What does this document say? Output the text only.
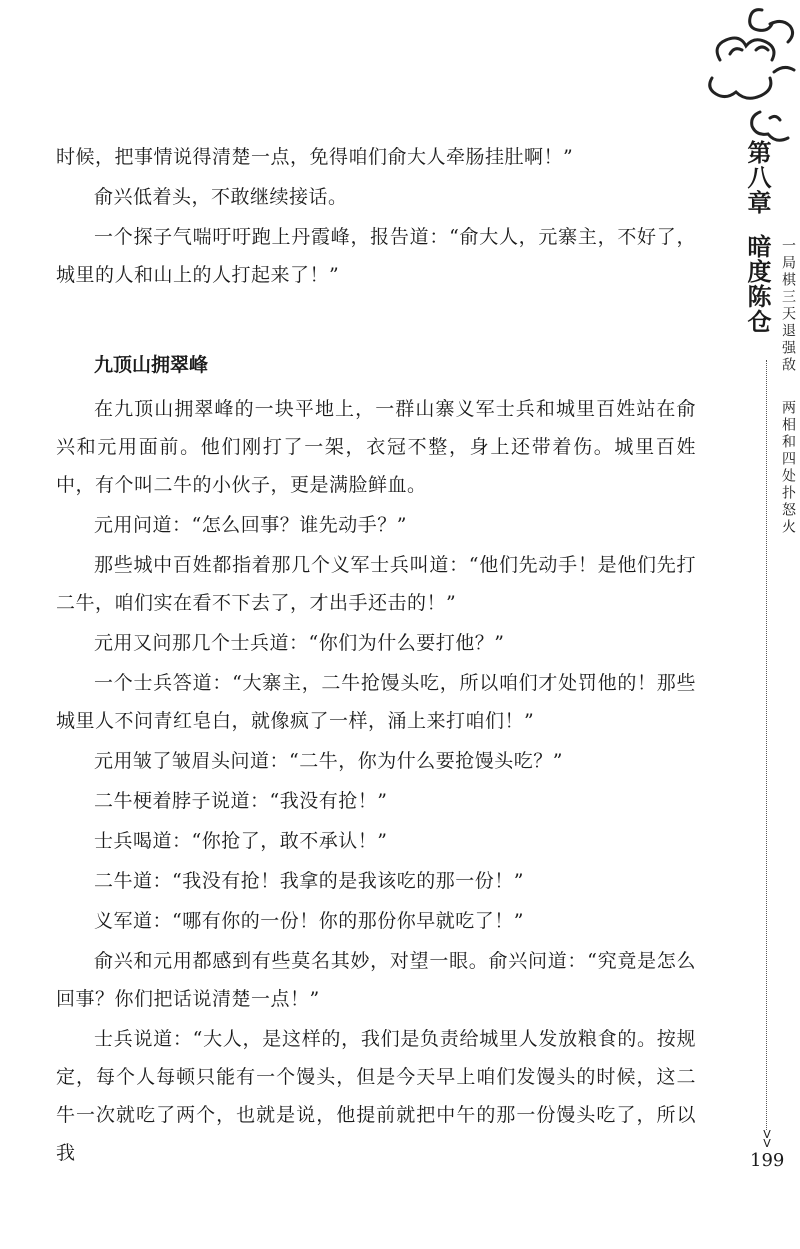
第八章
暗度陈仓 一局棋三天退强敌
两相和四处扑怒火
V V
199

时候，把事情说得清楚一点，免得咱们俞大人牵肠挂肚啊！”

俞兴低着头，不敢继续接话。

一个探子气喘吁吁跑上丹霞峰，报告道：“俞大人，元寨主，不好了，城里的人和山上的人打起来了！”

九顶山拥翠峰

在九顶山拥翠峰的一块平地上，一群山寨义军士兵和城里百姓站在俞兴和元用面前。他们刚打了一架，衣冠不整，身上还带着伤。城里百姓中，有个叫二牛的小伙子，更是满脸鲜血。

元用问道：“怎么回事？谁先动手？”

那些城中百姓都指着那几个义军士兵叫道：“他们先动手！是他们先打二牛，咱们实在看不下去了，才出手还击的！”

元用又问那几个士兵道：“你们为什么要打他？”

一个士兵答道：“大寨主，二牛抢馒头吃，所以咱们才处罚他的！那些城里人不问青红皂白，就像疯了一样，涌上来打咱们！”

元用皱了皱眉头问道：“二牛，你为什么要抢馒头吃？”

二牛梗着脖子说道：“我没有抢！”

士兵喝道：“你抢了，敢不承认！”

二牛道：“我没有抢！我拿的是我该吃的那一份！”

义军道：“哪有你的一份！你的那份你早就吃了！”

俞兴和元用都感到有些莫名其妙，对望一眼。俞兴问道：“究竟是怎么回事？你们把话说清楚一点！”

士兵说道：“大人，是这样的，我们是负责给城里人发放粮食的。按规定，每个人每顿只能有一个馒头，但是今天早上咱们发馒头的时候，这二牛一次就吃了两个，也就是说，他提前就把中午的那一份馒头吃了，所以我
